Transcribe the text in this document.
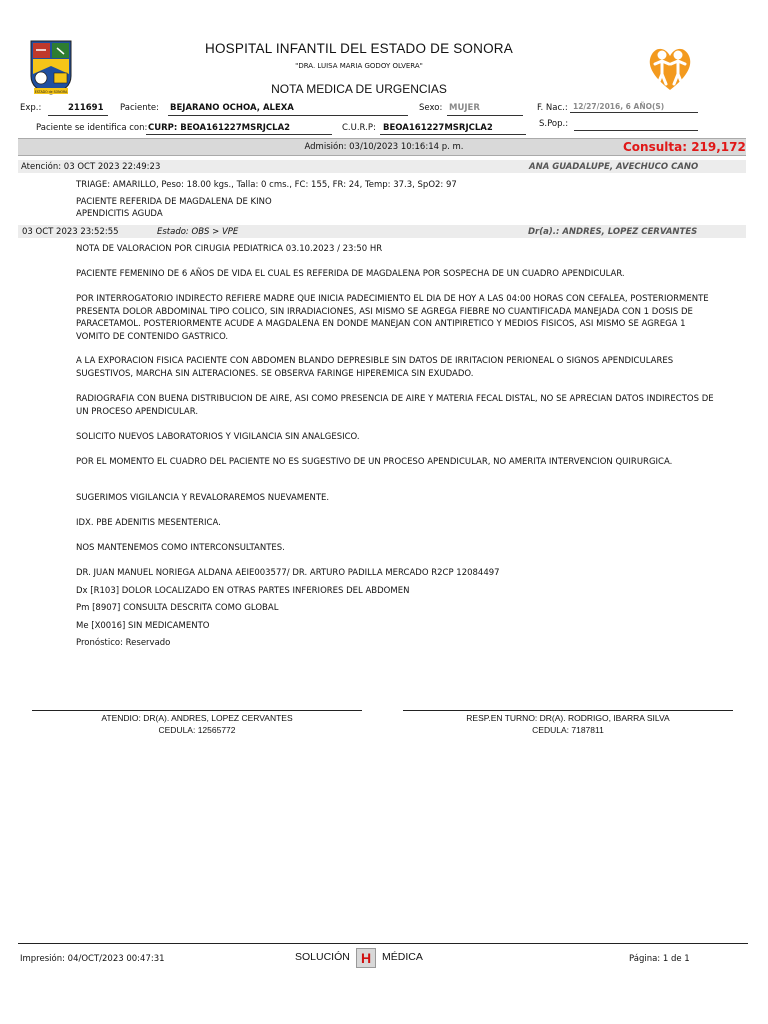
ESTADO de SONORA
HOSPITAL INFANTIL DEL ESTADO DE SONORA
"DRA. LUISA MARIA GODOY OLVERA"
NOTA MEDICA DE URGENCIAS
Exp.:	211691 Paciente: BEJARANO OCHOA, ALEXA	Sexo: MUJER	F. Nac.: 12/27/2016, 6 AÑO(S)
Paciente se identifica con: CURP: BEOA161227MSRJCLA2	C.U.R.P: BEOA161227MSRJCLA2	S.Pop.:
Admisión: 03/10/2023 10:16:14 p. m.	Consulta: 219,172
Atención: 03 OCT 2023 22:49:23	ANA GUADALUPE, AVECHUCO CANO
TRIAGE: AMARILLO, Peso: 18.00 kgs., Talla: 0 cms., FC: 155, FR: 24, Temp: 37.3, SpO2: 97
PACIENTE REFERIDA DE MAGDALENA DE KINO
APENDICITIS AGUDA
03 OCT 2023 23:52:55	Estado: OBS > VPE	Dr(a).: ANDRES, LOPEZ CERVANTES
NOTA DE VALORACION POR CIRUGIA PEDIATRICA 03.10.2023 / 23:50 HR
PACIENTE FEMENINO DE 6 AÑOS DE VIDA EL CUAL ES REFERIDA DE MAGDALENA POR SOSPECHA DE UN CUADRO APENDICULAR.
POR INTERROGATORIO INDIRECTO REFIERE MADRE QUE INICIA PADECIMIENTO EL DIA DE HOY A LAS 04:00 HORAS CON CEFALEA, POSTERIORMENTE PRESENTA DOLOR ABDOMINAL TIPO COLICO, SIN IRRADIACIONES, ASI MISMO SE AGREGA FIEBRE NO CUANTIFICADA MANEJADA CON 1 DOSIS DE PARACETAMOL. POSTERIORMENTE ACUDE A MAGDALENA EN DONDE MANEJAN CON ANTIPIRETICO Y MEDIOS FISICOS, ASI MISMO SE AGREGA 1 VOMITO DE CONTENIDO GASTRICO.
A LA EXPORACION FISICA PACIENTE CON ABDOMEN BLANDO DEPRESIBLE SIN DATOS DE IRRITACION PERIONEAL O SIGNOS APENDICULARES SUGESTIVOS, MARCHA SIN ALTERACIONES. SE OBSERVA FARINGE HIPEREMICA SIN EXUDADO.
RADIOGRAFIA CON BUENA DISTRIBUCION DE AIRE, ASI COMO PRESENCIA DE AIRE Y MATERIA FECAL DISTAL, NO SE APRECIAN DATOS INDIRECTOS DE UN PROCESO APENDICULAR.
SOLICITO NUEVOS LABORATORIOS Y VIGILANCIA SIN ANALGESICO.
POR EL MOMENTO EL CUADRO DEL PACIENTE NO ES SUGESTIVO DE UN PROCESO APENDICULAR, NO AMERITA INTERVENCION QUIRURGICA.
SUGERIMOS VIGILANCIA Y REVALORAREMOS NUEVAMENTE.
IDX. PBE ADENITIS MESENTERICA.
NOS MANTENEMOS COMO INTERCONSULTANTES.
DR. JUAN MANUEL NORIEGA ALDANA AEIE003577/ DR. ARTURO PADILLA MERCADO R2CP 12084497
Dx [R103] DOLOR LOCALIZADO EN OTRAS PARTES INFERIORES DEL ABDOMEN
Pm [8907] CONSULTA DESCRITA COMO GLOBAL
Me [X0016] SIN MEDICAMENTO
Pronóstico: Reservado
ATENDIO: DR(A). ANDRES, LOPEZ CERVANTES
CEDULA: 12565772
RESP.EN TURNO: DR(A). RODRIGO, IBARRA SILVA
CEDULA: 7187811
Impresión: 04/OCT/2023 00:47:31	SOLUCIÓN H	MÉDICA	Página: 1 de 1
